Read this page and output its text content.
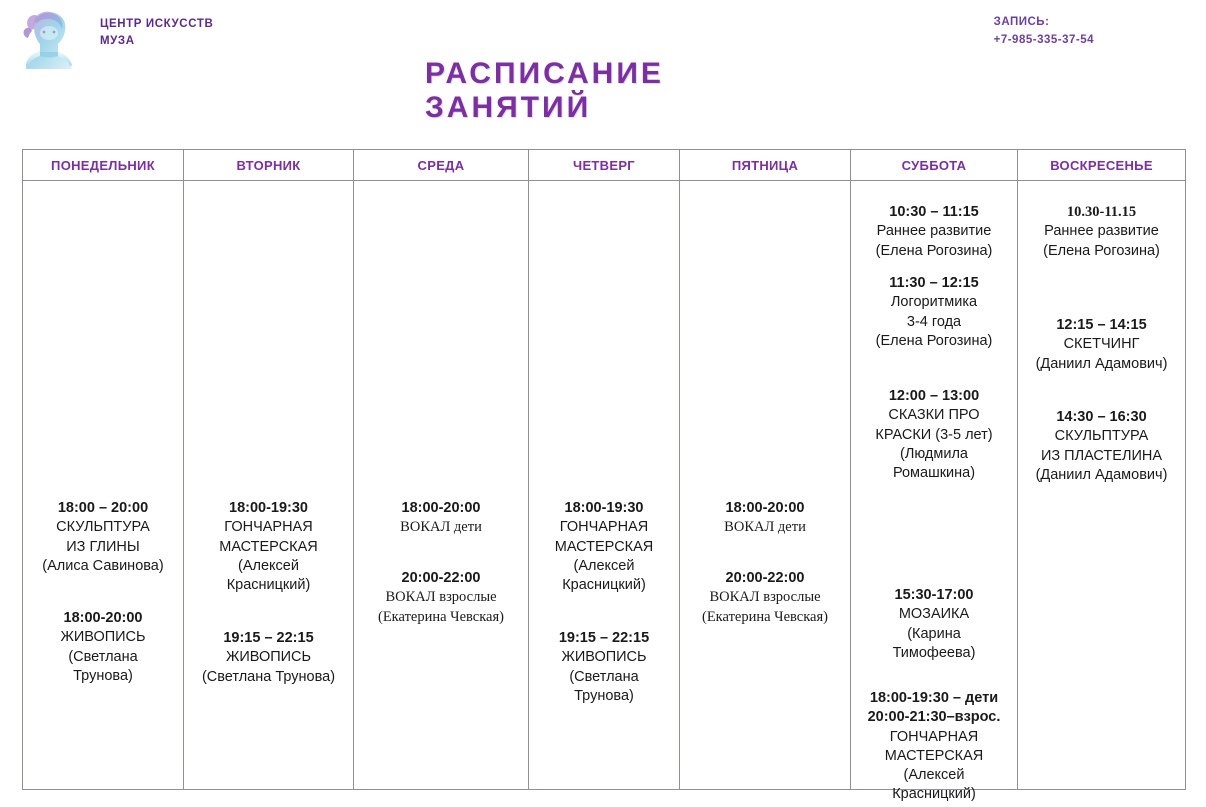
ЦЕНТР ИСКУССТВ
МУЗА
ЗАПИСЬ:
+7-985-335-37-54
РАСПИСАНИЕ
ЗАНЯТИЙ
ПОНЕДЕЛЬНИК	ВТОРНИК	СРЕДА	ЧЕТВЕРГ	ПЯТНИЦА	СУББОТА	ВОСКРЕСЕНЬЕ

18:00 – 20:00
СКУЛЬПТУРА
ИЗ ГЛИНЫ
(Алиса Савинова)
18:00-20:00
ЖИВОПИСЬ
(Светлана
Трунова)

18:00-19:30
ГОНЧАРНАЯ
МАСТЕРСКАЯ
(Алексей
Красницкий)
19:15 – 22:15
ЖИВОПИСЬ
(Светлана Трунова)

18:00-20:00
ВОКАЛ дети
20:00-22:00
ВОКАЛ взрослые
(Екатерина Чевская)

18:00-19:30
ГОНЧАРНАЯ
МАСТЕРСКАЯ
(Алексей
Красницкий)
19:15 – 22:15
ЖИВОПИСЬ
(Светлана
Трунова)

18:00-20:00
ВОКАЛ дети
20:00-22:00
ВОКАЛ взрослые
(Екатерина Чевская)

10:30 – 11:15
Раннее развитие
(Елена Рогозина)
11:30 – 12:15
Логоритмика
3-4 года
(Елена Рогозина)
12:00 – 13:00
СКАЗКИ ПРО
КРАСКИ (3-5 лет)
(Людмила
Ромашкина)
15:30-17:00
МОЗАИКА
(Карина
Тимофеева)
18:00-19:30 – дети
20:00-21:30–взрос.
ГОНЧАРНАЯ
МАСТЕРСКАЯ
(Алексей
Красницкий)

10.30-11.15
Раннее развитие
(Елена Рогозина)
12:15 – 14:15
СКЕТЧИНГ
(Даниил Адамович)
14:30 – 16:30
СКУЛЬПТУРА
ИЗ ПЛАСТЕЛИНА
(Даниил Адамович)
